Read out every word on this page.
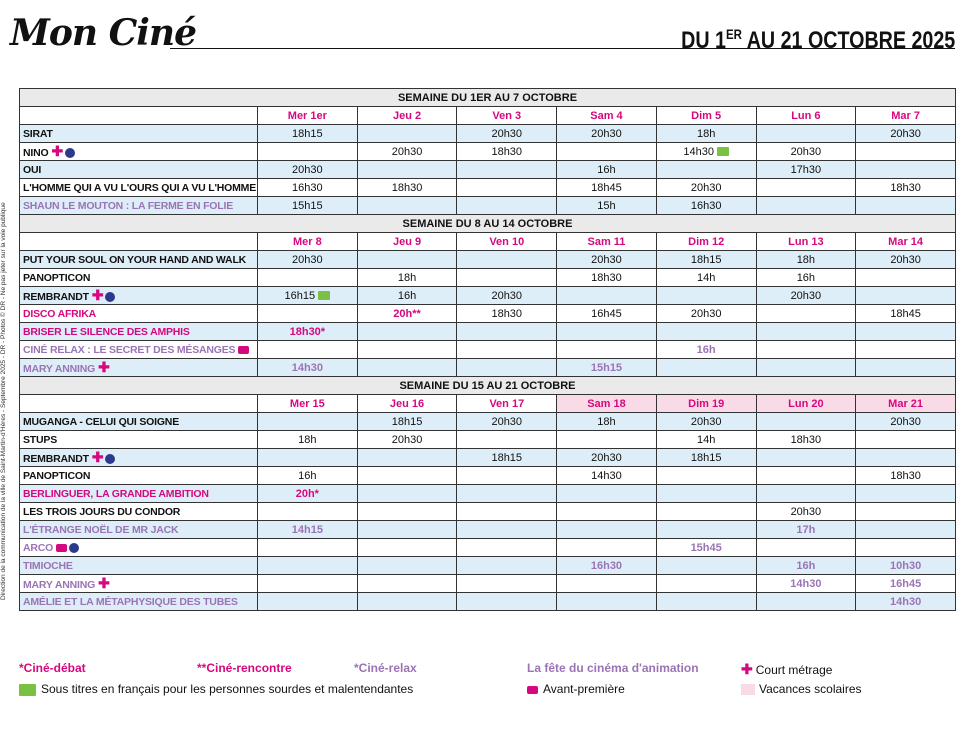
Mon Ciné	DU 1ER AU 21 OCTOBRE 2025
Direction de la communication de la ville de Saint-Martin-d'Hères - Septembre 2025 - DR - Photos © DR - Ne pas jeter sur la voie publique
SEMAINE DU 1ER AU 7 OCTOBRE							
	Mer 1er	Jeu 2	Ven 3	Sam 4	Dim 5	Lun 6	Mar 7
SIRAT	18h15		20h30	20h30	18h		20h30
NINO ✚		20h30	18h30		14h30	20h30	
OUI	20h30			16h		17h30	
L'HOMME QUI A VU L'OURS QUI A VU L'HOMME	16h30	18h30		18h45	20h30		18h30
SHAUN LE MOUTON : LA FERME EN FOLIE	15h15			15h	16h30		
SEMAINE DU 8 AU 14 OCTOBRE							
	Mer 8	Jeu 9	Ven 10	Sam 11	Dim 12	Lun 13	Mar 14
PUT YOUR SOUL ON YOUR HAND AND WALK	20h30			20h30	18h15	18h	20h30
PANOPTICON		18h		18h30	14h	16h	
REMBRANDT ✚	16h15	16h	20h30			20h30	
DISCO AFRIKA		20h**	18h30	16h45	20h30		18h45
BRISER LE SILENCE DES AMPHIS	18h30*						
CINÉ RELAX : LE SECRET DES MÉSANGES					16h		
MARY ANNING ✚	14h30			15h15			
SEMAINE DU 15 AU 21 OCTOBRE							
	Mer 15	Jeu 16	Ven 17	Sam 18	Dim 19	Lun 20	Mar 21
MUGANGA - CELUI QUI SOIGNE		18h15	20h30	18h	20h30		20h30
STUPS	18h	20h30			14h	18h30	
REMBRANDT ✚			18h15	20h30	18h15		
PANOPTICON	16h			14h30			18h30
BERLINGUER, LA GRANDE AMBITION	20h*						
LES TROIS JOURS DU CONDOR						20h30	
L'ÉTRANGE NOËL DE MR JACK	14h15					17h	
ARCO					15h45		
TIMIOCHE				16h30		16h	10h30
MARY ANNING ✚						14h30	16h45
AMÉLIE ET LA MÉTAPHYSIQUE DES TUBES							14h30
*Ciné-débat	**Ciné-rencontre	*Ciné-relax	La fête du cinéma d'animation	✚ Court métrage
Sous titres en français pour les personnes sourdes et malentendantes	Avant-première	Vacances scolaires
